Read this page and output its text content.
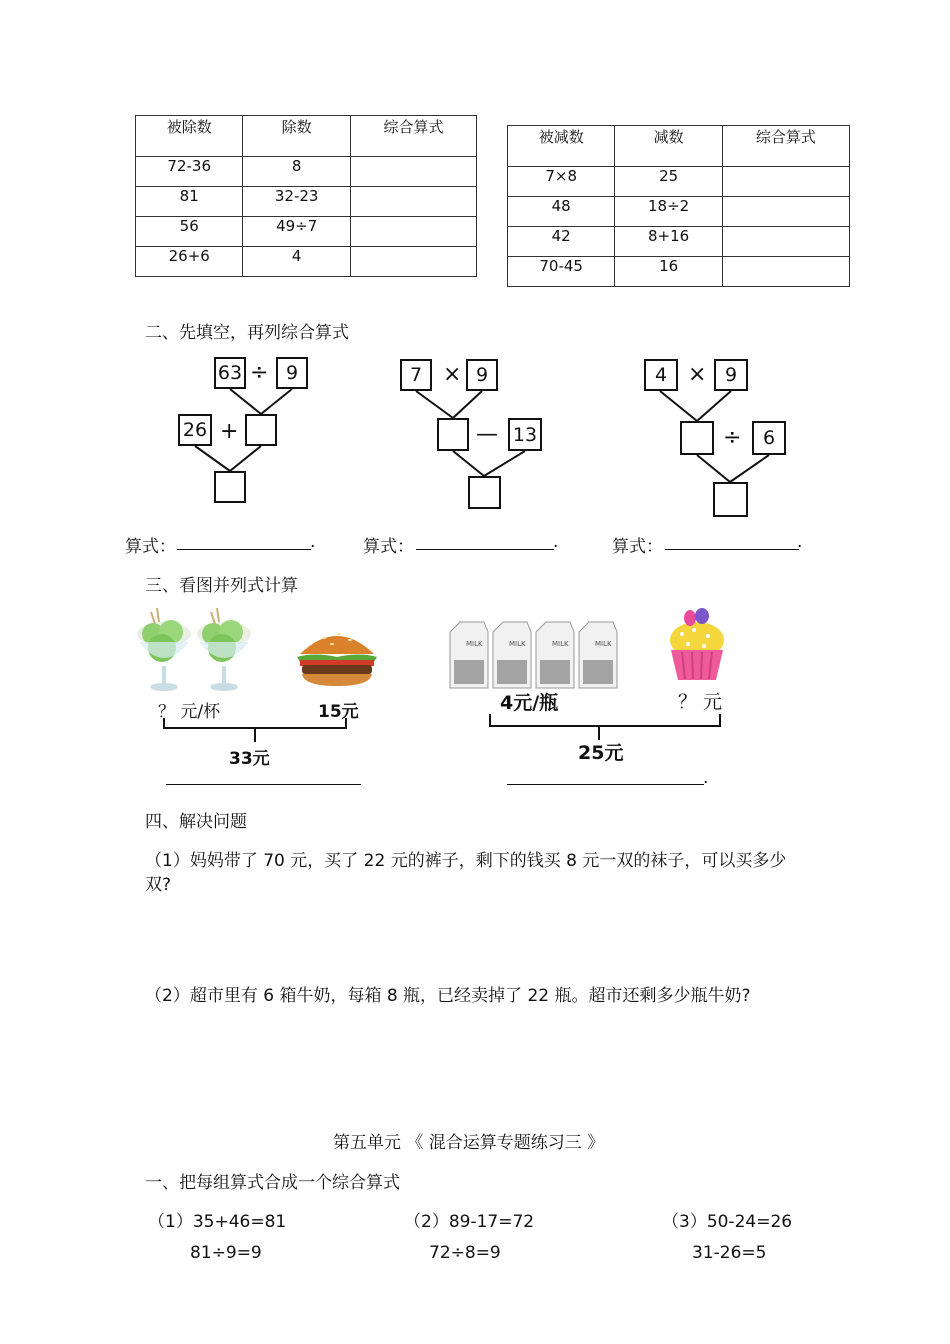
被除数	除数	综合算式
72-36	8	
81	32-23	
56	49÷7	
26+6	4	
被减数	减数	综合算式
7×8	25	
48	18÷2	
42	8+16	
70-45	16	
二、先填空，再列综合算式
63 ÷ 9
26 +
7 × 9
— 13
4 × 9
÷	6
算式：	.	算式：	.	算式：	.
三、看图并列式计算
？ 元/杯	15元
33元
MILK	MILK	MILK	MILK
4元/瓶	？ 元
25元
.
四、解决问题
（1）妈妈带了 70 元，买了 22 元的裤子，剩下的钱买 8 元一双的袜子，可以买多少
双?
（2）超市里有 6 箱牛奶，每箱 8 瓶，已经卖掉了 22 瓶。超市还剩多少瓶牛奶?
第五单元 《 混合运算专题练习三 》
一、把每组算式合成一个综合算式
（1）35+46=81
81÷9=9
（2）89-17=72
72÷8=9
（3）50-24=26
31-26=5
